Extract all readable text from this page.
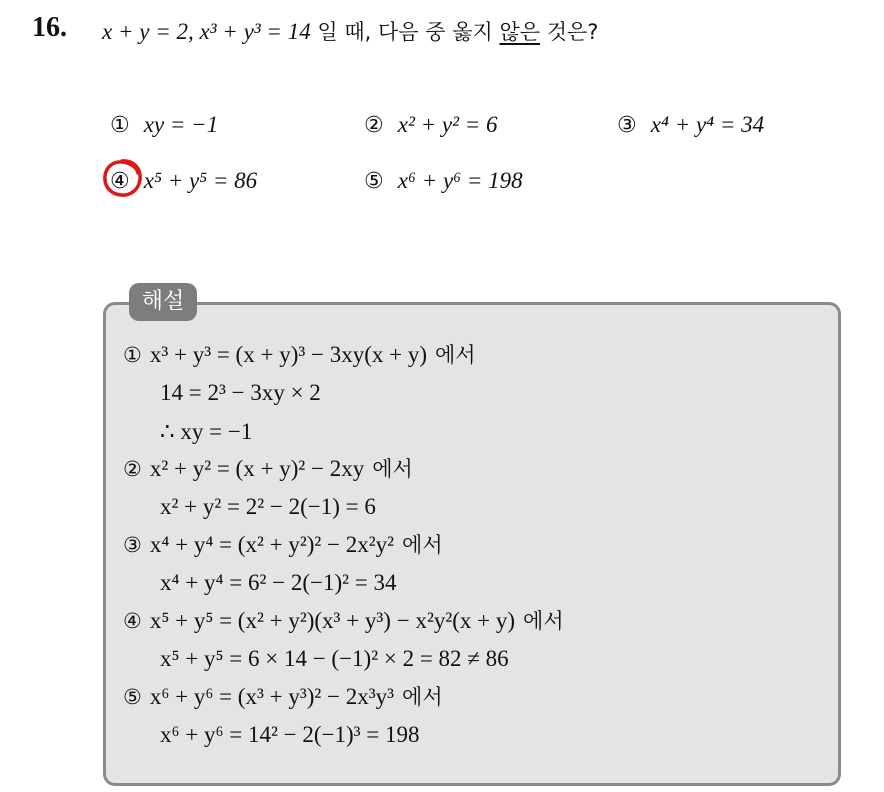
16. x + y = 2, x³ + y³ = 14 일 때, 다음 중 옳지 않은 것은?
① xy = −1	② x² + y² = 6	③ x⁴ + y⁴ = 34
④ x⁵ + y⁵ = 86	⑤ x⁶ + y⁶ = 198
해설
① x³ + y³ = (x + y)³ − 3xy(x + y) 에서
14 = 2³ − 3xy × 2
∴ xy = −1
② x² + y² = (x + y)² − 2xy 에서
x² + y² = 2² − 2(−1) = 6
③ x⁴ + y⁴ = (x² + y²)² − 2x²y² 에서
x⁴ + y⁴ = 6² − 2(−1)² = 34
④ x⁵ + y⁵ = (x² + y²)(x³ + y³) − x²y²(x + y) 에서
x⁵ + y⁵ = 6 × 14 − (−1)² × 2 = 82 ≠ 86
⑤ x⁶ + y⁶ = (x³ + y³)² − 2x³y³ 에서
x⁶ + y⁶ = 14² − 2(−1)³ = 198
